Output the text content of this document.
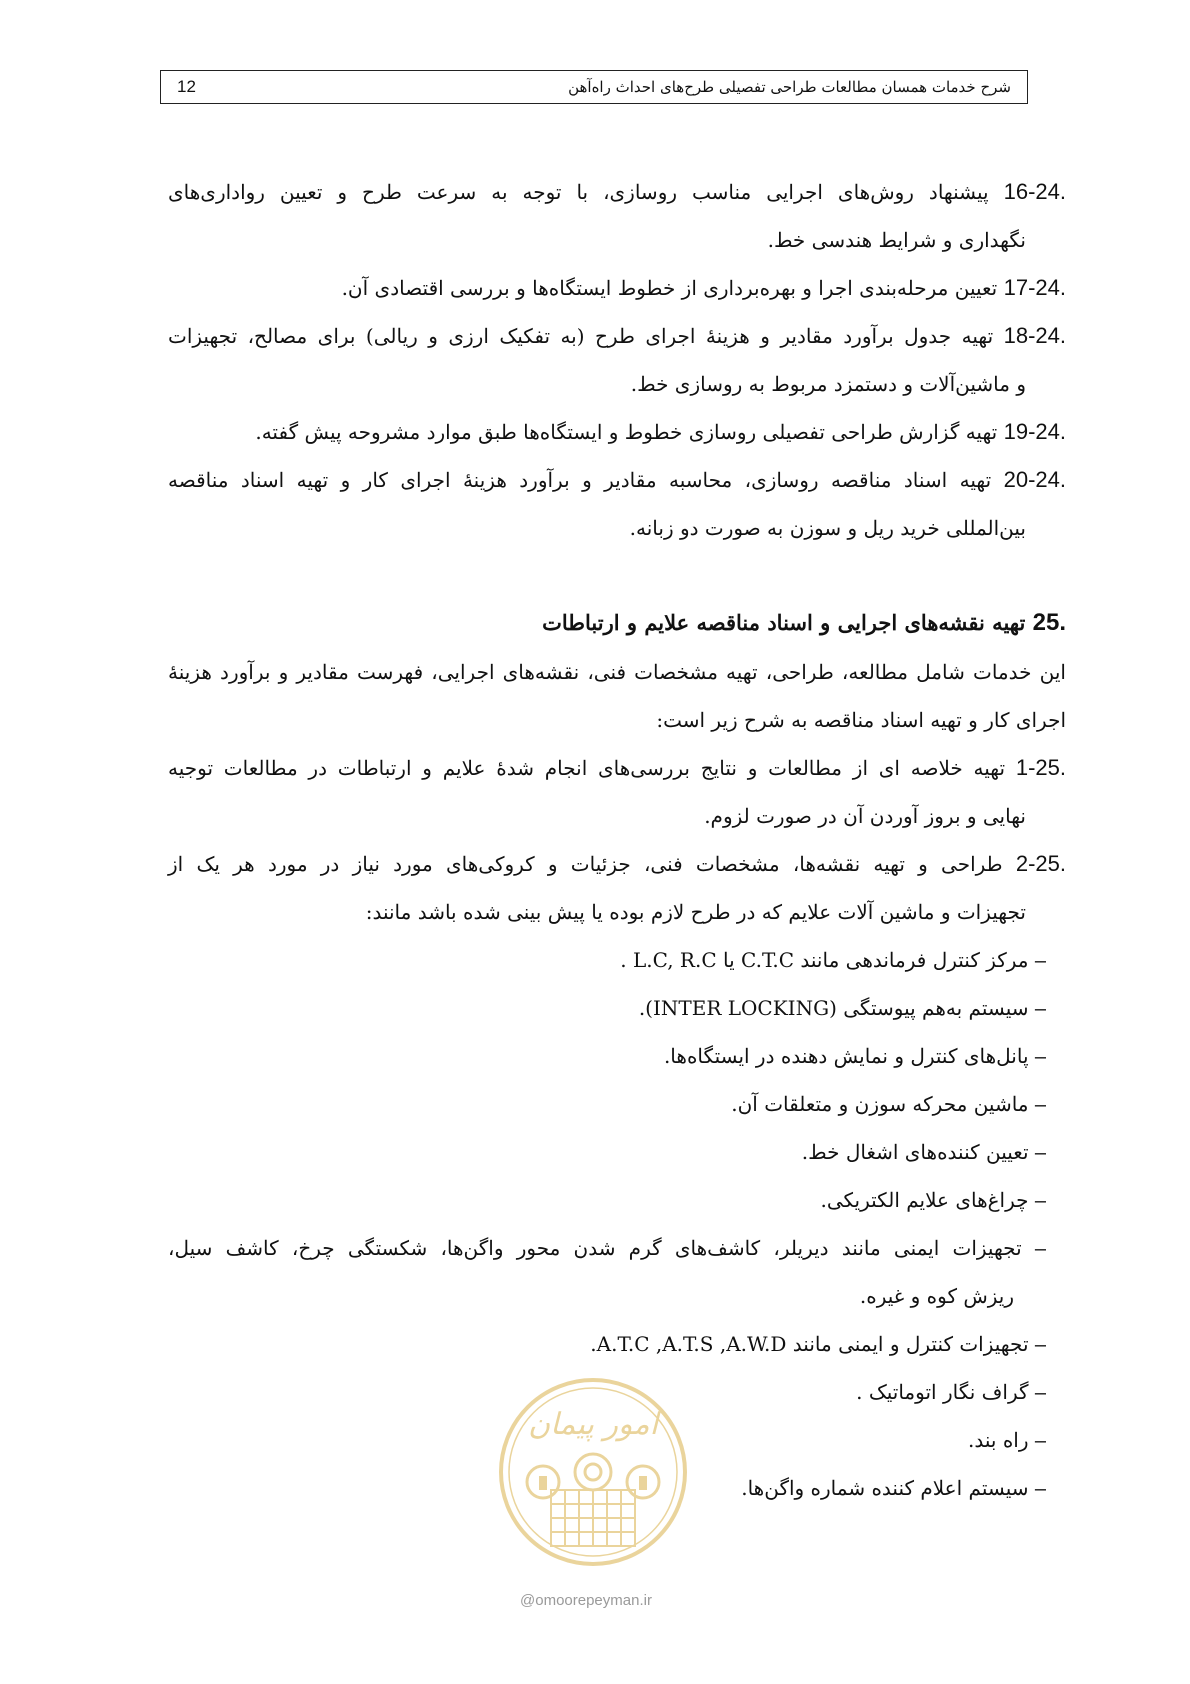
شرح خدمات همسان مطالعات طراحی تفصیلی طرح‌های احداث راه‌آهن
12
16-24. پیشنهاد روش‌های اجرایی مناسب روسازی، با توجه به سرعت طرح و تعیین رواداری‌های
نگهداری و شرایط هندسی خط.
17-24. تعیین مرحله‌بندی اجرا و بهره‌برداری از خطوط ایستگاه‌ها و بررسی اقتصادی آن.
18-24. تهیه جدول برآورد مقادیر و هزینهٔ اجرای طرح (به تفکیک ارزی و ریالی) برای مصالح، تجهیزات
و ماشین‌آلات و دستمزد مربوط به روسازی خط.
19-24. تهیه گزارش طراحی تفصیلی روسازی خطوط و ایستگاه‌ها طبق موارد مشروحه پیش گفته.
20-24. تهیه اسناد مناقصه روسازی، محاسبه مقادیر و برآورد هزینهٔ اجرای کار و تهیه اسناد مناقصه
بین‌المللی خرید ریل و سوزن به صورت دو زبانه.
25. تهیه نقشه‌های اجرایی و اسناد مناقصه علایم و ارتباطات
این خدمات شامل مطالعه، طراحی، تهیه مشخصات فنی، نقشه‌های اجرایی، فهرست مقادیر و برآورد هزینهٔ
اجرای کار و تهیه اسناد مناقصه به شرح زیر است:
1-25. تهیه خلاصه ای از مطالعات و نتایج بررسی‌های انجام شدهٔ علایم و ارتباطات در مطالعات توجیه
نهایی و بروز آوردن آن در صورت لزوم.
2-25. طراحی و تهیه نقشه‌ها، مشخصات فنی، جزئیات و کروکی‌های مورد نیاز در مورد هر یک از
تجهیزات و ماشین آلات علایم که در طرح لازم بوده یا پیش بینی شده باشد مانند:
– مرکز کنترل فرماندهی مانند C.T.C یا L.C, R.C .
– سیستم به‌هم پیوستگی (INTER LOCKING).
– پانل‌های کنترل و نمایش دهنده در ایستگاه‌ها.
– ماشین محرکه سوزن و متعلقات آن.
– تعیین کننده‌های اشغال خط.
– چراغ‌های علایم الکتریکی.
– تجهیزات ایمنی مانند دیریلر، کاشف‌های گرم شدن محور واگن‌ها، شکستگی چرخ، کاشف سیل،
ریزش کوه و غیره.
– تجهیزات کنترل و ایمنی مانند A.T.C ,A.T.S ,A.W.D.
– گراف نگار اتوماتیک .
– راه بند.
– سیستم اعلام کننده شماره واگن‌ها.
امور پیمان
@omoorepeyman.ir
